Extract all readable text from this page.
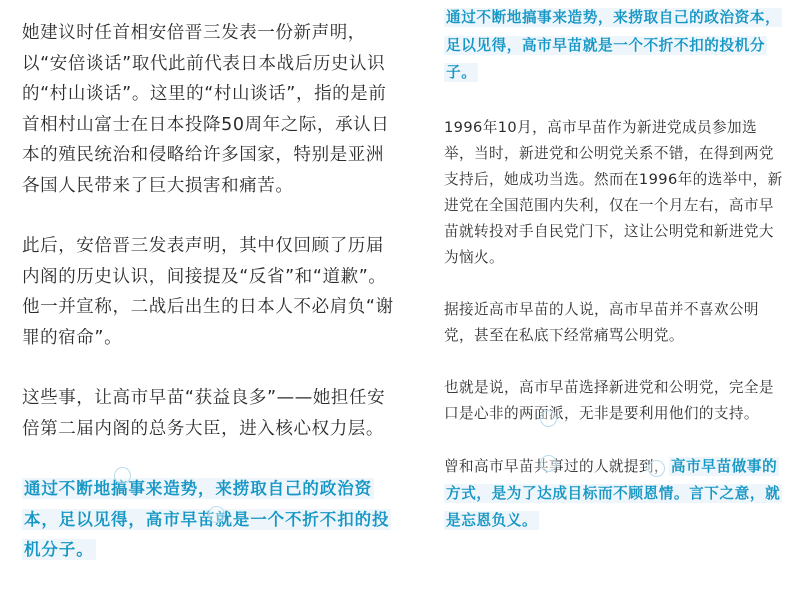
她建议时任首相安倍晋三发表一份新声明，以“安倍谈话”取代此前代表日本战后历史认识的“村山谈话”。这里的“村山谈话”，指的是前首相村山富士在日本投降50周年之际，承认日本的殖民统治和侵略给许多国家，特别是亚洲各国人民带来了巨大损害和痛苦。

此后，安倍晋三发表声明，其中仅回顾了历届内阁的历史认识，间接提及“反省”和“道歉”。他一并宣称，二战后出生的日本人不必肩负“谢罪的宿命”。

这些事，让高市早苗“获益良多”——她担任安倍第二届内阁的总务大臣，进入核心权力层。

通过不断地搞事来造势，来捞取自己的政治资本，足以见得，高市早苗就是一个不折不扣的投机分子。

通过不断地搞事来造势，来捞取自己的政治资本，足以见得，高市早苗就是一个不折不扣的投机分子。

1996年10月，高市早苗作为新进党成员参加选举，当时，新进党和公明党关系不错，在得到两党支持后，她成功当选。然而在1996年的选举中，新进党在全国范围内失利，仅在一个月左右，高市早苗就转投对手自民党门下，这让公明党和新进党大为恼火。

据接近高市早苗的人说，高市早苗并不喜欢公明党，甚至在私底下经常痛骂公明党。

也就是说，高市早苗选择新进党和公明党，完全是口是心非的两面派，无非是要利用他们的支持。

曾和高市早苗共事过的人就提到， 高市早苗做事的方式，是为了达成目标而不顾恩情。言下之意，就是忘恩负义。
